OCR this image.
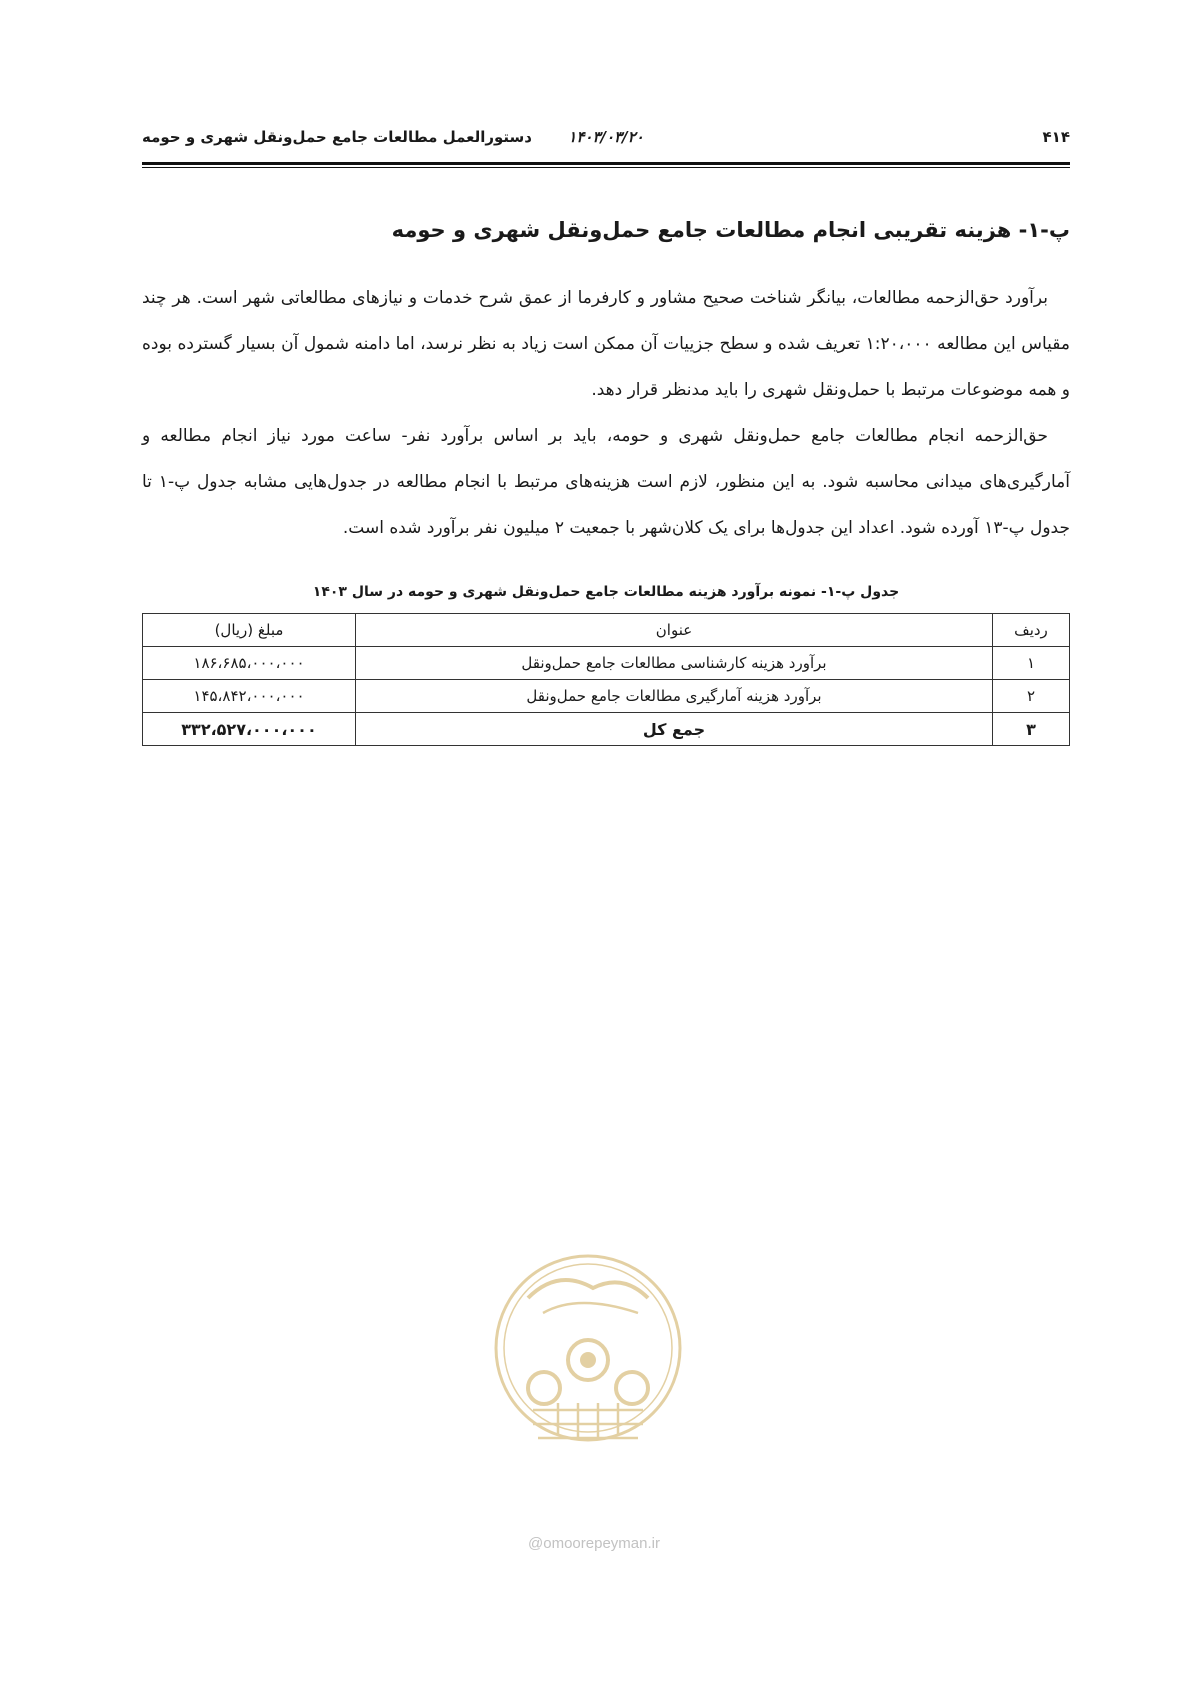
۴۱۴
۱۴۰۳/۰۳/۲۰
دستورالعمل مطالعات جامع حمل‌ونقل شهری و حومه
پ-۱- هزینه تقریبی انجام مطالعات جامع حمل‌ونقل شهری و حومه

برآورد حق‌الزحمه مطالعات، بیانگر شناخت صحیح مشاور و کارفرما از عمق شرح خدمات و نیازهای مطالعاتی شهر است. هر چند مقیاس این مطالعه ۱:۲۰،۰۰۰ تعریف شده و سطح جزییات آن ممکن است زیاد به نظر نرسد، اما دامنه شمول آن بسیار گسترده بوده و همه موضوعات مرتبط با حمل‌ونقل شهری را باید مدنظر قرار دهد.

حق‌الزحمه انجام مطالعات جامع حمل‌ونقل شهری و حومه، باید بر اساس برآورد نفر- ساعت مورد نیاز انجام مطالعه و آمارگیری‌های میدانی محاسبه شود. به این منظور، لازم است هزینه‌های مرتبط با انجام مطالعه در جدول‌هایی مشابه جدول پ-۱ تا جدول پ-۱۳ آورده شود. اعداد این جدول‌ها برای یک کلان‌شهر با جمعیت ۲ میلیون نفر برآورد شده است.

جدول پ-۱- نمونه برآورد هزینه مطالعات جامع حمل‌ونقل شهری و حومه در سال ۱۴۰۳
ردیف	عنوان	مبلغ (ریال)
۱	برآورد هزینه کارشناسی مطالعات جامع حمل‌ونقل	۱۸۶،۶۸۵،۰۰۰،۰۰۰
۲	برآورد هزینه آمارگیری مطالعات جامع حمل‌ونقل	۱۴۵،۸۴۲،۰۰۰،۰۰۰
۳	جمع کل	۳۳۲،۵۲۷،۰۰۰،۰۰۰
@omoorepeyman.ir
